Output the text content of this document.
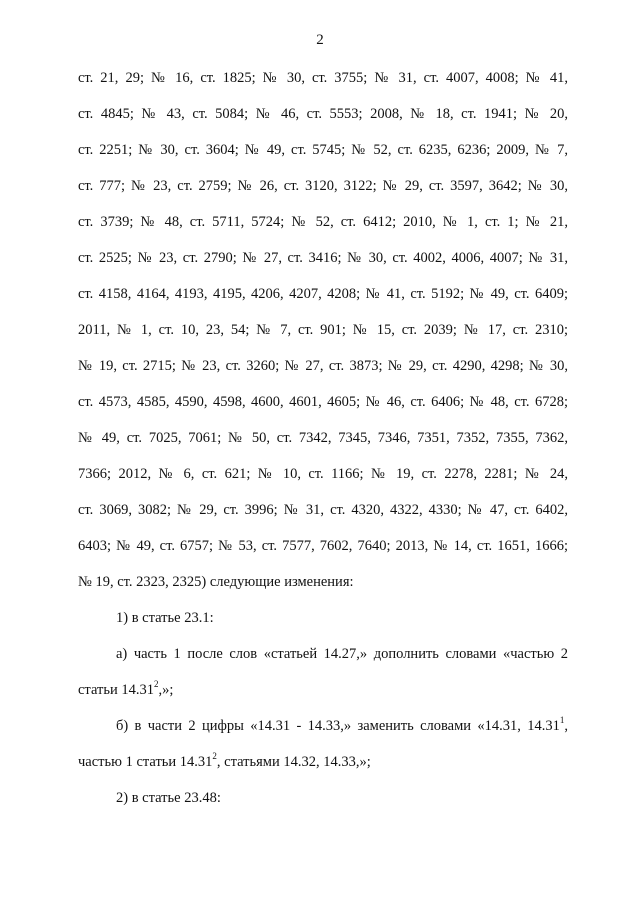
2
ст. 21, 29; № 16, ст. 1825; № 30, ст. 3755; № 31, ст. 4007, 4008; № 41,
ст. 4845; № 43, ст. 5084; № 46, ст. 5553; 2008, № 18, ст. 1941; № 20,
ст. 2251; № 30, ст. 3604; № 49, ст. 5745; № 52, ст. 6235, 6236; 2009, № 7,
ст. 777; № 23, ст. 2759; № 26, ст. 3120, 3122; № 29, ст. 3597, 3642; № 30,
ст. 3739; № 48, ст. 5711, 5724; № 52, ст. 6412; 2010, № 1, ст. 1; № 21,
ст. 2525; № 23, ст. 2790; № 27, ст. 3416; № 30, ст. 4002, 4006, 4007; № 31,
ст. 4158, 4164, 4193, 4195, 4206, 4207, 4208; № 41, ст. 5192; № 49, ст. 6409;
2011, № 1, ст. 10, 23, 54; № 7, ст. 901; № 15, ст. 2039; № 17, ст. 2310;
№ 19, ст. 2715; № 23, ст. 3260; № 27, ст. 3873; № 29, ст. 4290, 4298; № 30,
ст. 4573, 4585, 4590, 4598, 4600, 4601, 4605; № 46, ст. 6406; № 48, ст. 6728;
№ 49, ст. 7025, 7061; № 50, ст. 7342, 7345, 7346, 7351, 7352, 7355, 7362,
7366; 2012, № 6, ст. 621; № 10, ст. 1166; № 19, ст. 2278, 2281; № 24,
ст. 3069, 3082; № 29, ст. 3996; № 31, ст. 4320, 4322, 4330; № 47, ст. 6402,
6403; № 49, ст. 6757; № 53, ст. 7577, 7602, 7640; 2013, № 14, ст. 1651, 1666;
№ 19, ст. 2323, 2325) следующие изменения:
1) в статье 23.1:
а) часть 1 после слов «статьей 14.27,» дополнить словами «частью 2
статьи 14.31$^2$,»;
б) в части 2 цифры «14.31 - 14.33,» заменить словами «14.31, 14.31$^1$,
частью 1 статьи 14.31$^2$, статьями 14.32, 14.33,»;
2) в статье 23.48:
